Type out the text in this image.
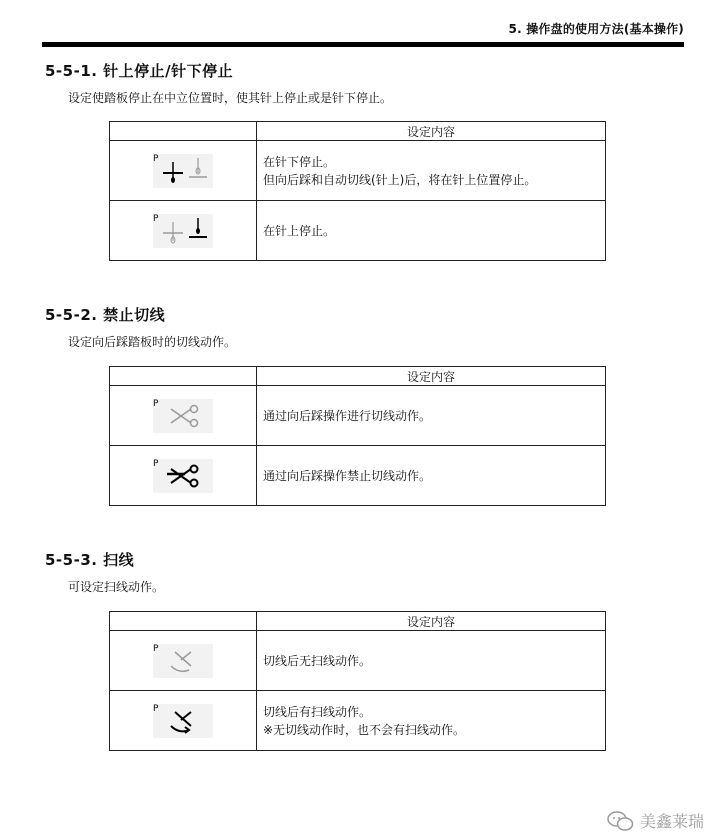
5. 操作盘的使用方法(基本操作)
5-5-1. 针上停止/针下停止
设定使踏板停止在中立位置时，使其针上停止或是针下停止。
	设定内容

P	在针下停止。
但向后踩和自动切线(针上)后，将在针上位置停止。

P	在针上停止。
5-5-2. 禁止切线
设定向后踩踏板时的切线动作。
	设定内容

P	通过向后踩操作进行切线动作。

P	通过向后踩操作禁止切线动作。
5-5-3. 扫线
可设定扫线动作。
	设定内容

P	切线后无扫线动作。

P	切线后有扫线动作。
※无切线动作时，也不会有扫线动作。
美鑫莱瑞
